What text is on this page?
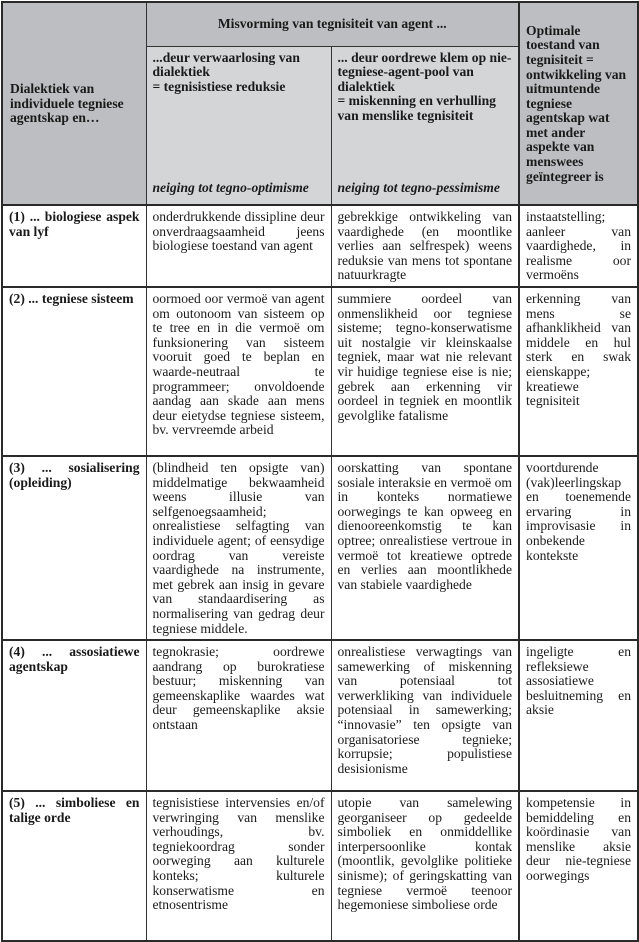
Dialektiek van individuele tegniese agentskap en…	Misvorming van tegnisiteit van agent ...		Optimale toestand van tegnisiteit = ontwikkeling van uitmuntende tegniese agentskap wat met ander aspekte van menswees geïntegreer is

	...deur verwaarlosing van dialektiek
= tegnisistiese reduksie
neiging tot tegno-optimisme	... deur oordrewe klem op nie-tegniese-agent-pool van dialektiek
= miskenning en verhulling van menslike tegnisiteit
neiging tot tegno-pessimisme	

(1) ... biologiese aspek van lyf	onderdrukkende dissipline deur onverdraagsaamheid jeens biologiese toestand van agent	gebrekkige ontwikkeling van vaardighede (en moontlike verlies aan selfrespek) weens reduksie van mens tot spontane natuurkragte	instaatstelling; aanleer van vaardighede, in realisme oor vermoëns
(2) ... tegniese sisteem	oormoed oor vermoë van agent om outonoom van sisteem op te tree en in die vermoë om funksionering van sisteem vooruit goed te beplan en waarde-neutraal te programmeer; onvoldoende aandag aan skade aan mens deur eietydse tegniese sisteem, bv. vervreemde arbeid	summiere oordeel van onmenslikheid oor tegniese sisteme; tegno-konserwatisme uit nostalgie vir kleinskaalse tegniek, maar wat nie relevant vir huidige tegniese eise is nie; gebrek aan erkenning vir oordeel in tegniek en moontlik gevolglike fatalisme	erkenning van mens se afhanklikheid van middele en hul sterk en swak eienskappe; kreatiewe tegnisiteit
(3) ... sosialisering (opleiding)	(blindheid ten opsigte van) middelmatige bekwaamheid weens illusie van selfgenoegsaamheid; onrealistiese selfagting van individuele agent; of eensydige oordrag van vereiste vaardighede na instrumente, met gebrek aan insig in gevare van standaardisering as normalisering van gedrag deur tegniese middele.	oorskatting van spontane sosiale interaksie en vermoë om in konteks normatiewe oorwegings te kan opweeg en dienooreenkomstig te kan optree; onrealistiese vertroue in vermoë tot kreatiewe optrede en verlies aan moontlikhede van stabiele vaardighede	voortdurende (vak)leerlingskap en toenemende ervaring in improvisasie in onbekende kontekste
(4) ... assosiatiewe agentskap	tegnokrasie; oordrewe aandrang op burokratiese bestuur; miskenning van gemeenskaplike waardes wat deur gemeenskaplike aksie ontstaan	onrealistiese verwagtings van samewerking of miskenning van potensiaal tot verwerkliking van individuele potensiaal in samewerking; “innovasie” ten opsigte van organisatoriese tegnieke; korrupsie; populistiese desisionisme	ingeligte en refleksiewe assosiatiewe besluitneming en aksie
(5) ... simboliese en talige orde	tegnisistiese intervensies en/of verwringing van menslike verhoudings, bv. tegniekoordrag sonder oorweging aan kulturele konteks; kulturele konserwatisme en etnosentrisme	utopie van samelewing georganiseer op gedeelde simboliek en onmiddellike interpersoonlike kontak (moontlik, gevolglike politieke sinisme); of geringskatting van tegniese vermoë teenoor hegemoniese simboliese orde	kompetensie in bemiddeling en koördinasie van menslike aksie deur nie-tegniese oorwegings
